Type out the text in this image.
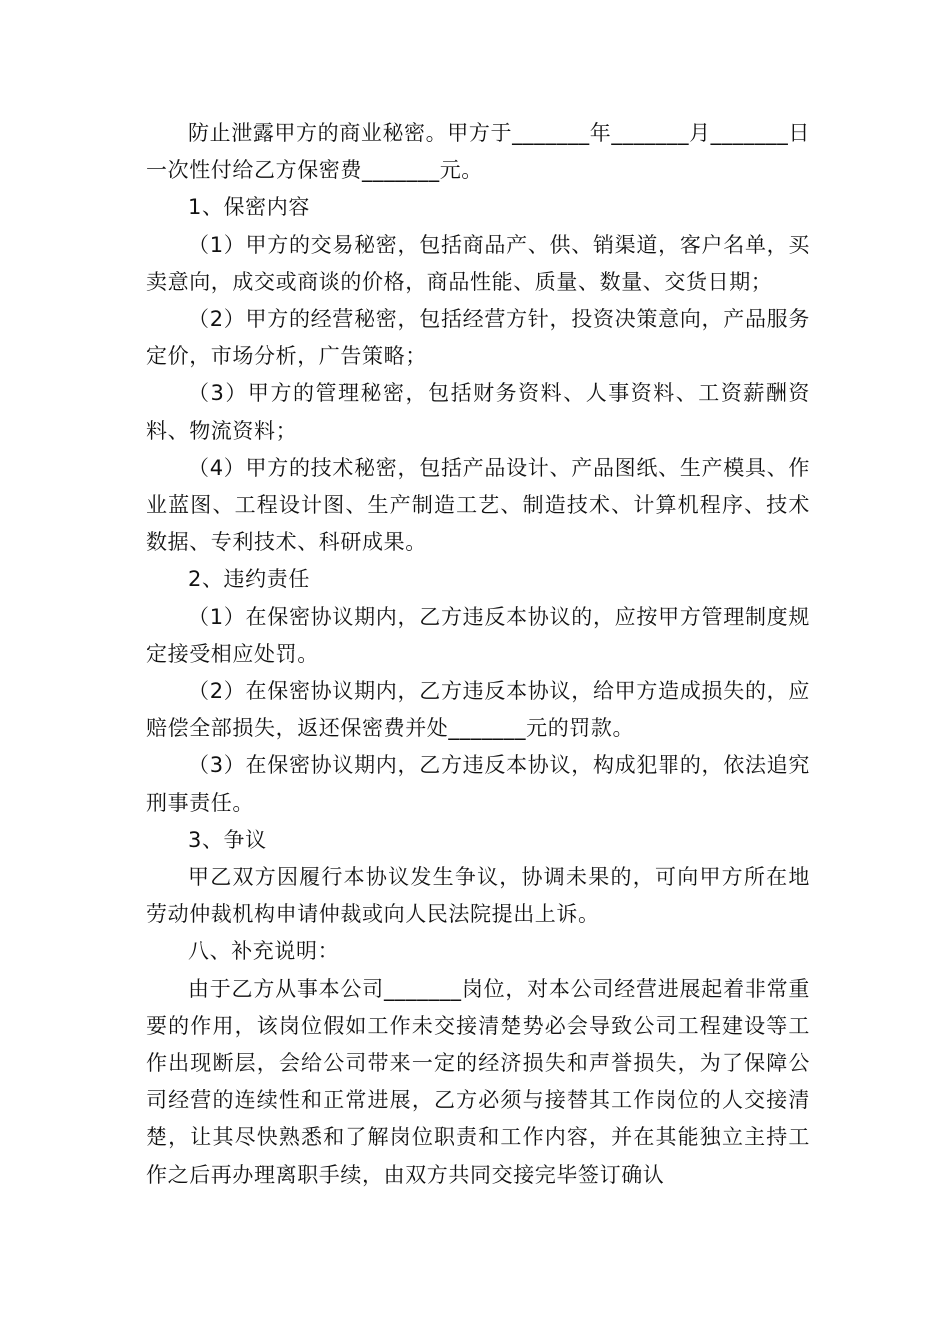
防止泄露甲方的商业秘密。甲方于_______年_______月_______日一次性付给乙方保密费_______元。

1、保密内容

（1）甲方的交易秘密，包括商品产、供、销渠道，客户名单，买卖意向，成交或商谈的价格，商品性能、质量、数量、交货日期；

（2）甲方的经营秘密，包括经营方针，投资决策意向，产品服务定价，市场分析，广告策略；

（3）甲方的管理秘密，包括财务资料、人事资料、工资薪酬资料、物流资料；

（4）甲方的技术秘密，包括产品设计、产品图纸、生产模具、作业蓝图、工程设计图、生产制造工艺、制造技术、计算机程序、技术数据、专利技术、科研成果。

2、违约责任

（1）在保密协议期内，乙方违反本协议的，应按甲方管理制度规定接受相应处罚。

（2）在保密协议期内，乙方违反本协议，给甲方造成损失的，应赔偿全部损失，返还保密费并处_______元的罚款。

（3）在保密协议期内，乙方违反本协议，构成犯罪的，依法追究刑事责任。

3、争议

甲乙双方因履行本协议发生争议，协调未果的，可向甲方所在地劳动仲裁机构申请仲裁或向人民法院提出上诉。

八、补充说明：

由于乙方从事本公司_______岗位，对本公司经营进展起着非常重要的作用，该岗位假如工作未交接清楚势必会导致公司工程建设等工作出现断层，会给公司带来一定的经济损失和声誉损失，为了保障公司经营的连续性和正常进展，乙方必须与接替其工作岗位的人交接清楚，让其尽快熟悉和了解岗位职责和工作内容，并在其能独立主持工作之后再办理离职手续，由双方共同交接完毕签订确认
